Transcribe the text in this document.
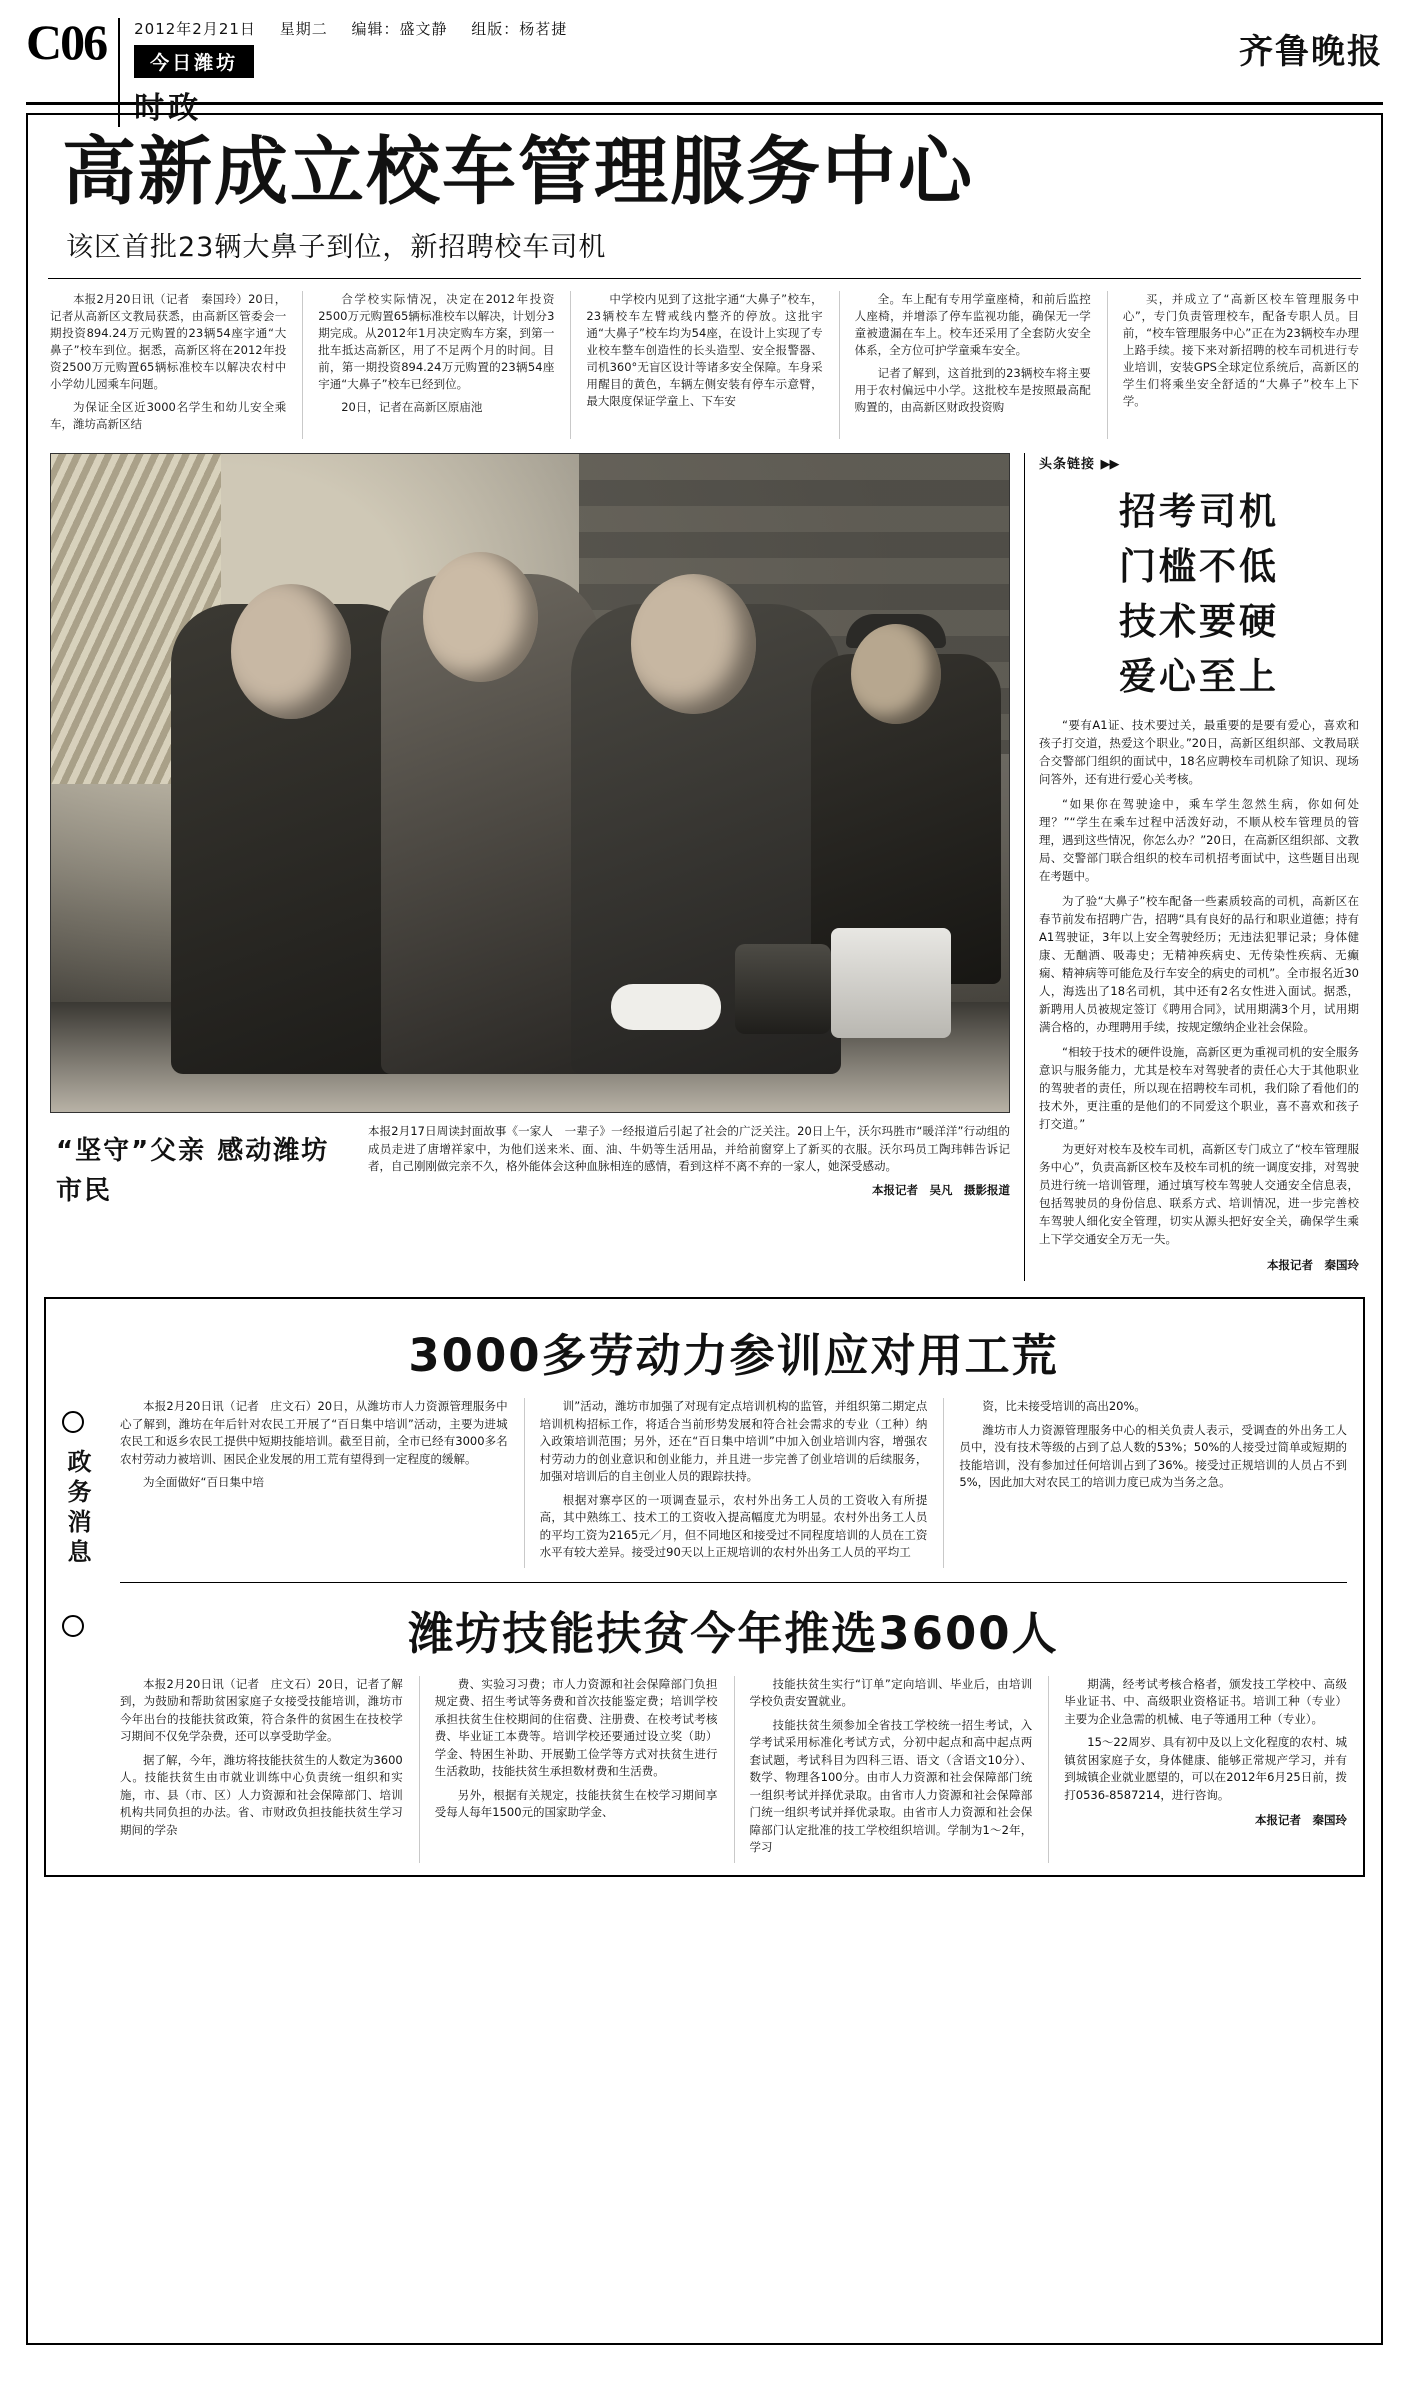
C06	2012年2月21日 星期二 编辑：盛文静 组版：杨茗捷
今日潍坊
时政
齐鲁晚报
高新成立校车管理服务中心
该区首批23辆大鼻子到位，新招聘校车司机

本报2月20日讯（记者　秦国玲）20日，记者从高新区文教局获悉，由高新区管委会一期投资894.24万元购置的23辆54座字通“大鼻子”校车到位。据悉，高新区将在2012年投资2500万元购置65辆标准校车以解决农村中小学幼儿园乘车问题。

为保证全区近3000名学生和幼儿安全乘车，潍坊高新区结

合学校实际情况，决定在2012年投资2500万元购置65辆标准校车以解决，计划分3期完成。从2012年1月决定购车方案，到第一批车抵达高新区，用了不足两个月的时间。目前，第一期投资894.24万元购置的23辆54座宇通“大鼻子”校车已经到位。

20日，记者在高新区原庙池

中学校内见到了这批字通“大鼻子”校车，23辆校车左臂戒线内整齐的停放。这批宇通“大鼻子”校车均为54座，在设计上实现了专业校车整车创造性的长头造型、安全报警器、司机360°无盲区设计等诸多安全保障。车身采用醒目的黄色，车辆左侧安装有停车示意臂，最大限度保证学童上、下车安

全。车上配有专用学童座椅，和前后监控人座椅，并增添了停车监视功能，确保无一学童被遗漏在车上。校车还采用了全套防火安全体系，全方位可护学童乘车安全。

记者了解到，这首批到的23辆校车将主要用于农村偏远中小学。这批校车是按照最高配购置的，由高新区财政投资购

买，并成立了“高新区校车管理服务中心”，专门负责管理校车，配备专职人员。目前，“校车管理服务中心”正在为23辆校车办理上路手续。接下来对新招聘的校车司机进行专业培训，安装GPS全球定位系统后，高新区的学生们将乘坐安全舒适的“大鼻子”校车上下学。

“坚守”父亲 感动潍坊市民
本报2月17日周读封面故事《一家人　一辈子》一经报道后引起了社会的广泛关注。20日上午，沃尔玛胜市“暖洋洋”行动组的成员走进了唐增祥家中，为他们送来米、面、油、牛奶等生活用品，并给前窗穿上了新买的衣服。沃尔玛员工陶玮韩告诉记者，自己刚刚做完亲不久，格外能体会这种血脉相连的感情，看到这样不离不弃的一家人，她深受感动。
本报记者　吴凡　摄影报道
头条链接 ▶▶
招考司机
门槛不低
技术要硬
爱心至上

“要有A1证、技术要过关，最重要的是要有爱心，喜欢和孩子打交道，热爱这个职业。”20日，高新区组织部、文教局联合交警部门组织的面试中，18名应聘校车司机除了知识、现场问答外，还有进行爱心关考核。

“如果你在驾驶途中，乘车学生忽然生病，你如何处理？”“学生在乘车过程中活泼好动，不顺从校车管理员的管理，遇到这些情况，你怎么办？”20日，在高新区组织部、文教局、交警部门联合组织的校车司机招考面试中，这些题目出现在考题中。

为了验“大鼻子”校车配备一些素质较高的司机，高新区在春节前发布招聘广告，招聘“具有良好的品行和职业道德；持有A1驾驶证，3年以上安全驾驶经历；无违法犯罪记录；身体健康、无酗酒、吸毒史；无精神疾病史、无传染性疾病、无癫痫、精神病等可能危及行车安全的病史的司机”。全市报名近30人，海选出了18名司机，其中还有2名女性进入面试。据悉，新聘用人员被规定签订《聘用合同》，试用期满3个月，试用期满合格的，办理聘用手续，按规定缴纳企业社会保险。

“相较于技术的硬件设施，高新区更为重视司机的安全服务意识与服务能力，尤其是校车对驾驶者的责任心大于其他职业的驾驶者的责任，所以现在招聘校车司机，我们除了看他们的技术外，更注重的是他们的不同爱这个职业，喜不喜欢和孩子打交道。”

为更好对校车及校车司机，高新区专门成立了“校车管理服务中心”，负责高新区校车及校车司机的统一调度安排，对驾驶员进行统一培训管理，通过填写校车驾驶人交通安全信息表，包括驾驶员的身份信息、联系方式、培训情况，进一步完善校车驾驶人细化安全管理，切实从源头把好安全关，确保学生乘上下学交通安全万无一失。

本报记者　秦国玲

政务消息
3000多劳动力参训应对用工荒

本报2月20日讯（记者　庄文石）20日，从潍坊市人力资源管理服务中心了解到，潍坊在年后针对农民工开展了“百日集中培训”活动，主要为进城农民工和返乡农民工提供中短期技能培训。截至目前，全市已经有3000多名农村劳动力被培训、困民企业发展的用工荒有望得到一定程度的缓解。

为全面做好“百日集中培

训”活动，潍坊市加强了对现有定点培训机构的监管，并组织第二期定点培训机构招标工作，将适合当前形势发展和符合社会需求的专业（工种）纳入政策培训范围；另外，还在“百日集中培训”中加入创业培训内容，增强农村劳动力的创业意识和创业能力，并且进一步完善了创业培训的后续服务，加强对培训后的自主创业人员的跟踪扶持。

根据对寨亭区的一项调查显示，农村外出务工人员的工资收入有所提高，其中熟练工、技术工的工资收入提高幅度尤为明显。农村外出务工人员的平均工资为2165元／月，但不同地区和接受过不同程度培训的人员在工资水平有较大差异。接受过90天以上正规培训的农村外出务工人员的平均工

资，比未接受培训的高出20%。

潍坊市人力资源管理服务中心的相关负责人表示，受调查的外出务工人员中，没有技术等级的占到了总人数的53%；50%的人接受过简单或短期的技能培训，没有参加过任何培训占到了36%。接受过正规培训的人员占不到5%，因此加大对农民工的培训力度已成为当务之急。

潍坊技能扶贫今年推选3600人

本报2月20日讯（记者　庄文石）20日，记者了解到，为鼓励和帮助贫困家庭子女接受技能培训，潍坊市今年出台的技能扶贫政策，符合条件的贫困生在技校学习期间不仅免学杂费，还可以享受助学金。

据了解，今年，潍坊将技能扶贫生的人数定为3600人。技能扶贫生由市就业训练中心负责统一组织和实施，市、县（市、区）人力资源和社会保障部门、培训机构共同负担的办法。省、市财政负担技能扶贫生学习期间的学杂

费、实验习习费；市人力资源和社会保障部门负担规定费、招生考试等务费和首次技能鉴定费；培训学校承担扶贫生住校期间的住宿费、注册费、在校考试考核费、毕业证工本费等。培训学校还要通过设立奖（助）学金、特困生补助、开展勤工俭学等方式对扶贫生进行生活救助，技能扶贫生承担数材费和生活费。

另外，根据有关规定，技能扶贫生在校学习期间享受每人每年1500元的国家助学金、

技能扶贫生实行“订单”定向培训、毕业后，由培训学校负责安置就业。

技能扶贫生须参加全省技工学校统一招生考试，入学考试采用标准化考试方式，分初中起点和高中起点两套试题，考试科目为四科三语、语文（含语文10分）、数学、物理各100分。由市人力资源和社会保障部门统一组织考试并择优录取。由省市人力资源和社会保障部门统一组织考试并择优录取。由省市人力资源和社会保障部门认定批准的技工学校组织培训。学制为1～2年，学习

期满，经考试考核合格者，颁发技工学校中、高级毕业证书、中、高级职业资格证书。培训工种（专业）主要为企业急需的机械、电子等通用工种（专业）。

15～22周岁、具有初中及以上文化程度的农村、城镇贫困家庭子女，身体健康、能够正常规产学习，并有到城镇企业就业愿望的，可以在2012年6月25日前，拨打0536-8587214，进行咨询。

本报记者　秦国玲
